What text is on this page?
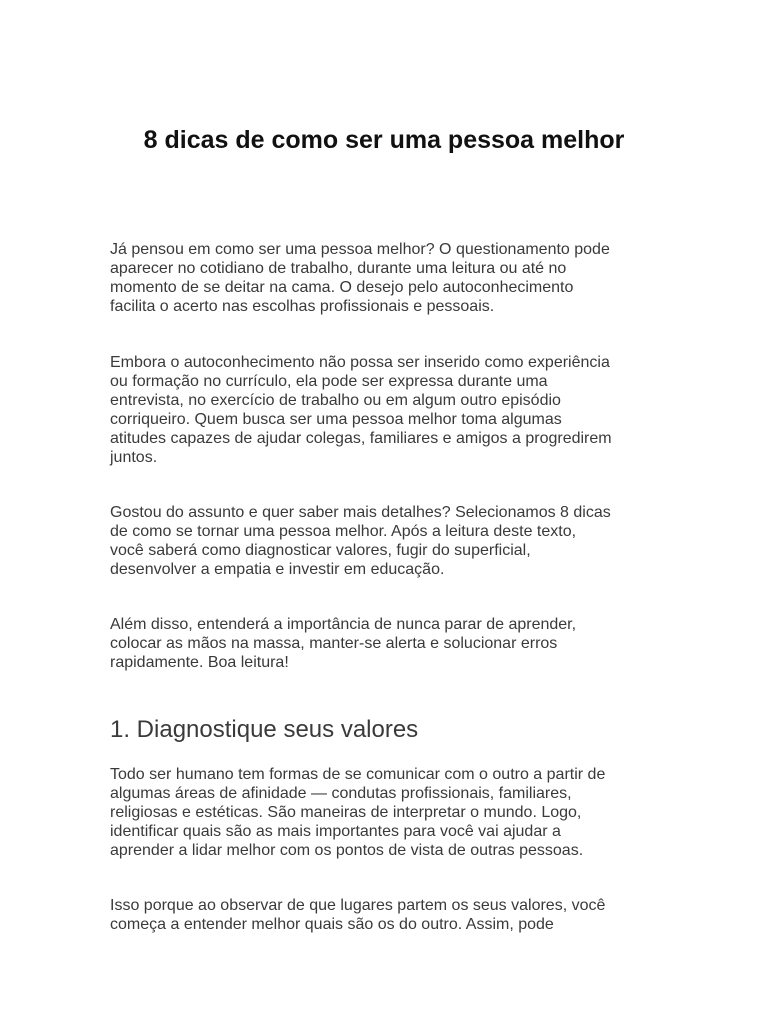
8 dicas de como ser uma pessoa melhor

Já pensou em como ser uma pessoa melhor? O questionamento pode
aparecer no cotidiano de trabalho, durante uma leitura ou até no
momento de se deitar na cama. O desejo pelo autoconhecimento
facilita o acerto nas escolhas profissionais e pessoais.

Embora o autoconhecimento não possa ser inserido como experiência
ou formação no currículo, ela pode ser expressa durante uma
entrevista, no exercício de trabalho ou em algum outro episódio
corriqueiro. Quem busca ser uma pessoa melhor toma algumas
atitudes capazes de ajudar colegas, familiares e amigos a progredirem
juntos.

Gostou do assunto e quer saber mais detalhes? Selecionamos 8 dicas
de como se tornar uma pessoa melhor. Após a leitura deste texto,
você saberá como diagnosticar valores, fugir do superficial,
desenvolver a empatia e investir em educação.

Além disso, entenderá a importância de nunca parar de aprender,
colocar as mãos na massa, manter-se alerta e solucionar erros
rapidamente. Boa leitura!

1. Diagnostique seus valores

Todo ser humano tem formas de se comunicar com o outro a partir de
algumas áreas de afinidade — condutas profissionais, familiares,
religiosas e estéticas. São maneiras de interpretar o mundo. Logo,
identificar quais são as mais importantes para você vai ajudar a
aprender a lidar melhor com os pontos de vista de outras pessoas.

Isso porque ao observar de que lugares partem os seus valores, você
começa a entender melhor quais são os do outro. Assim, pode
